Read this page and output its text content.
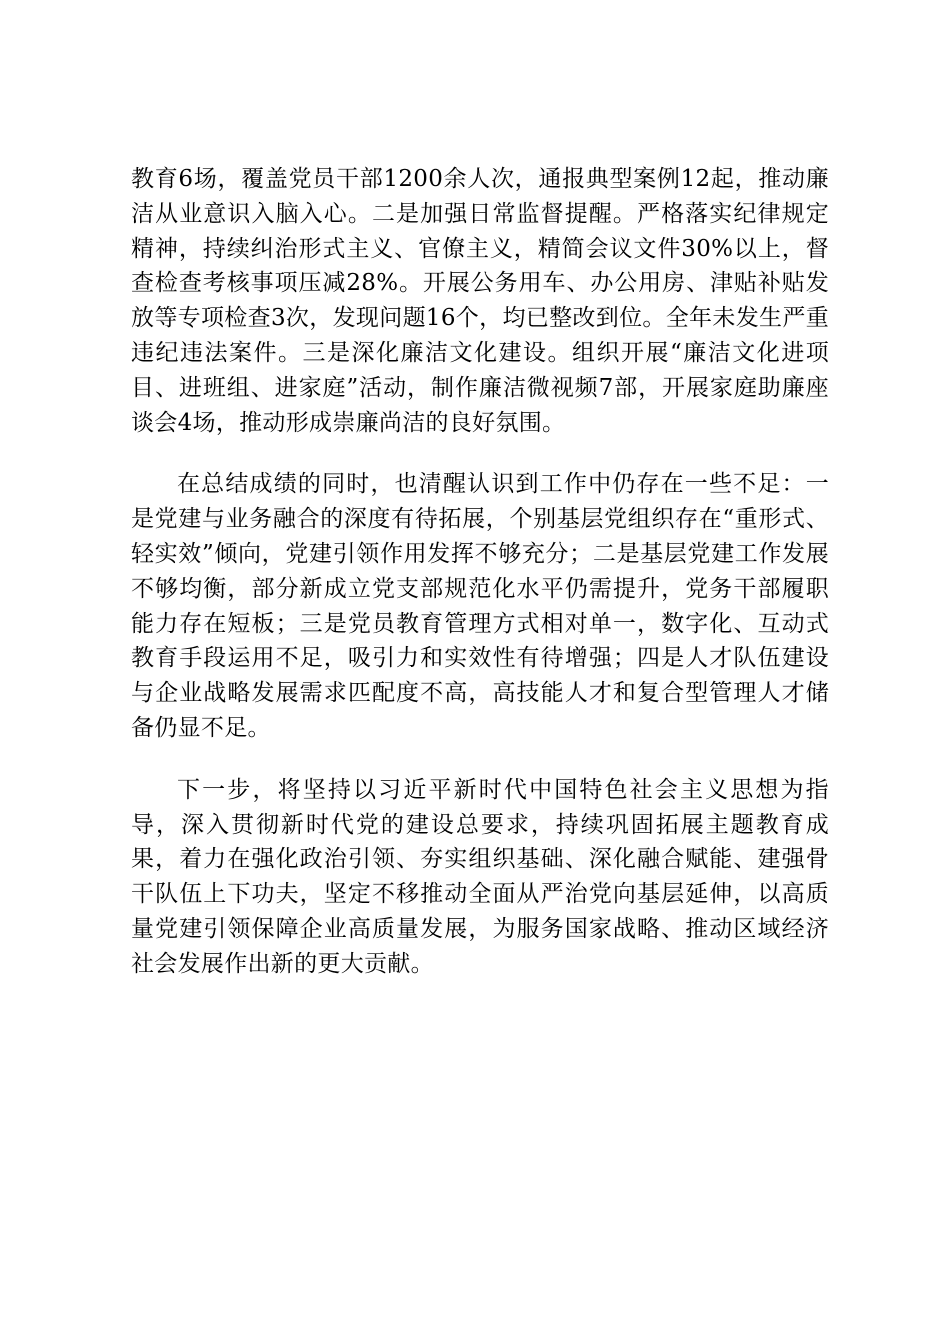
教育6场，覆盖党员干部1200余人次，通报典型案例12起，推动廉洁从业意识入脑入心。二是加强日常监督提醒。严格落实纪律规定精神，持续纠治形式主义、官僚主义，精简会议文件30%以上，督查检查考核事项压减28%。开展公务用车、办公用房、津贴补贴发放等专项检查3次，发现问题16个，均已整改到位。全年未发生严重违纪违法案件。三是深化廉洁文化建设。组织开展“廉洁文化进项目、进班组、进家庭”活动，制作廉洁微视频7部，开展家庭助廉座谈会4场，推动形成崇廉尚洁的良好氛围。

在总结成绩的同时，也清醒认识到工作中仍存在一些不足：一是党建与业务融合的深度有待拓展，个别基层党组织存在“重形式、轻实效”倾向，党建引领作用发挥不够充分；二是基层党建工作发展不够均衡，部分新成立党支部规范化水平仍需提升，党务干部履职能力存在短板；三是党员教育管理方式相对单一，数字化、互动式教育手段运用不足，吸引力和实效性有待增强；四是人才队伍建设与企业战略发展需求匹配度不高，高技能人才和复合型管理人才储备仍显不足。

下一步，将坚持以习近平新时代中国特色社会主义思想为指导，深入贯彻新时代党的建设总要求，持续巩固拓展主题教育成果，着力在强化政治引领、夯实组织基础、深化融合赋能、建强骨干队伍上下功夫，坚定不移推动全面从严治党向基层延伸，以高质量党建引领保障企业高质量发展，为服务国家战略、推动区域经济社会发展作出新的更大贡献。
